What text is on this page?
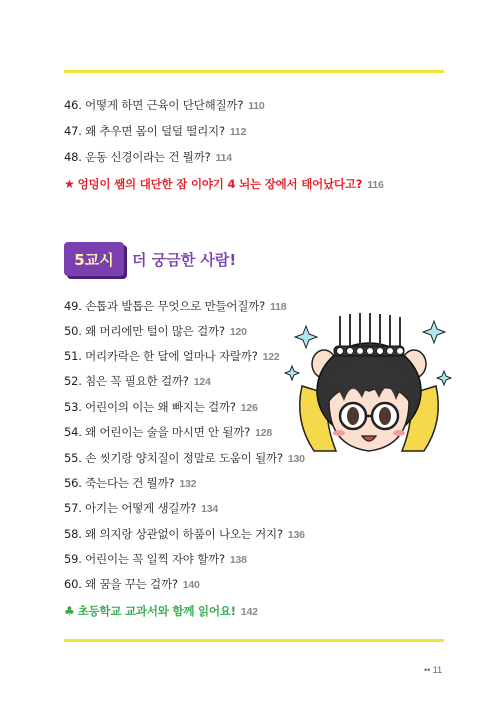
46. 어떻게 하면 근육이 단단해질까? 110
47. 왜 추우면 몸이 덜덜 떨리지? 112
48. 운동 신경이라는 건 뭘까? 114
★ 엉덩이 쌤의 대단한 잠 이야기 4 뇌는 장에서 태어났다고? 116
5교시 더 궁금한 사람!
49. 손톱과 발톱은 무엇으로 만들어질까? 118
50. 왜 머리에만 털이 많은 걸까? 120
51. 머리카락은 한 달에 얼마나 자랄까? 122
52. 침은 꼭 필요한 걸까? 124
53. 어린이의 이는 왜 빠지는 걸까? 126
54. 왜 어린이는 술을 마시면 안 될까? 128
55. 손 씻기랑 양치질이 정말로 도움이 될까? 130
56. 죽는다는 건 뭘까? 132
57. 아기는 어떻게 생길까? 134
58. 왜 의지랑 상관없이 하품이 나오는 거지? 136
59. 어린이는 꼭 일찍 자야 할까? 138
60. 왜 꿈을 꾸는 걸까? 140
♣ 초등학교 교과서와 함께 읽어요! 142
•• 11
